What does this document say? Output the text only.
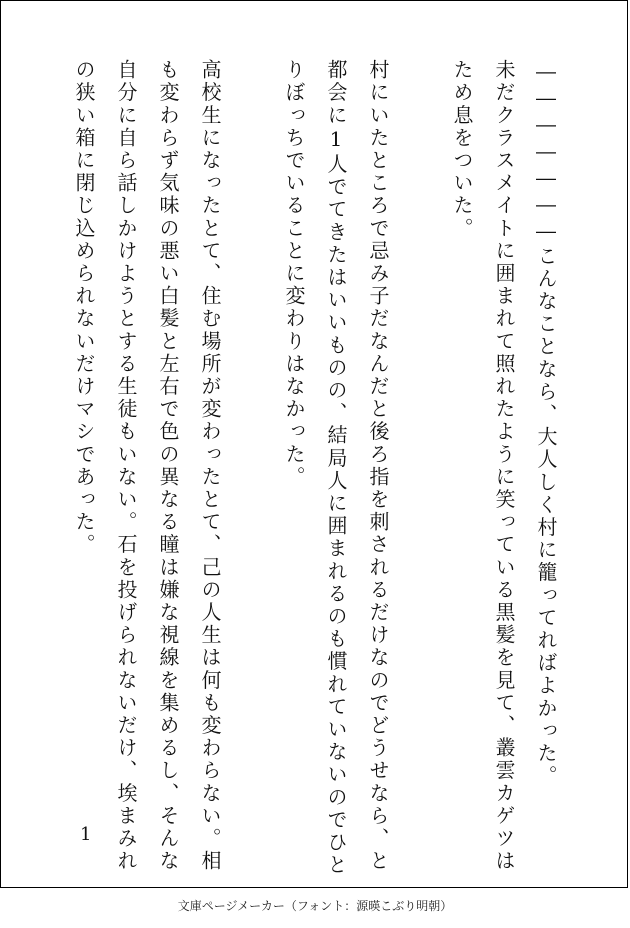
―――――――こんなことなら、大人しく村に籠ってればよかった。
未だクラスメイトに囲まれて照れたように笑っている黒髪を見て、叢雲カゲツは
ため息をついた。
村にいたところで忌み子だなんだと後ろ指を刺されるだけなのでどうせなら、と
都会に1人でてきたはいいものの、結局人に囲まれるのも慣れていないのでひと
りぼっちでいることに変わりはなかった。
高校生になったとて、住む場所が変わったとて、己の人生は何も変わらない。相
も変わらず気味の悪い白髪と左右で色の異なる瞳は嫌な視線を集めるし、そんな
自分に自ら話しかけようとする生徒もいない。石を投げられないだけ、埃まみれ
の狭い箱に閉じ込められないだけマシであった。
1
文庫ページメーカー（フォント：源暎こぶり明朝）
